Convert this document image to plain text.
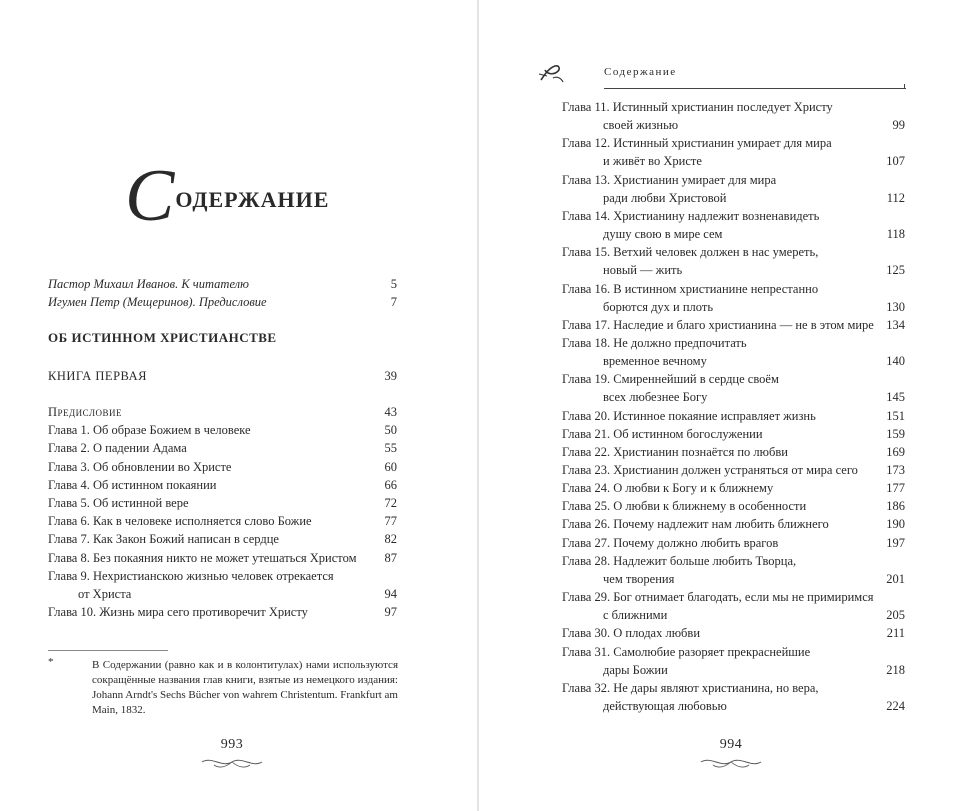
С ОДЕРЖАНИЕ
Пастор Михаил Иванов. К читателю	5
Игумен Петр (Мещеринов). Предисловие	7
ОБ ИСТИННОМ ХРИСТИАНСТВЕ
КНИГА ПЕРВАЯ	39
Предисловие	43
Глава 1. Об образе Божием в человеке	50
Глава 2. О падении Адама	55
Глава 3. Об обновлении во Христе	60
Глава 4. Об истинном покаянии	66
Глава 5. Об истинной вере	72
Глава 6. Как в человеке исполняется слово Божие	77
Глава 7. Как Закон Божий написан в сердце	82
Глава 8. Без покаяния никто не может утешаться Христом	87
Глава 9. Нехристианскою жизнью человек отрекается
от Христа	94
Глава 10. Жизнь мира сего противоречит Христу	97
*	В Содержании (равно как и в колонтитулах) нами используются сокращённые названия глав книги, взятые из немецкого издания: Johann Arndt's Sechs Bücher von wahrem Christentum. Frankfurt am Main, 1832.
993
Содержание
Глава 11. Истинный христианин последует Христу
своей жизнью	99
Глава 12. Истинный христианин умирает для мира
и живёт во Христе	107
Глава 13. Христианин умирает для мира
ради любви Христовой	112
Глава 14. Христианину надлежит возненавидеть
душу свою в мире сем	118
Глава 15. Ветхий человек должен в нас умереть,
новый — жить	125
Глава 16. В истинном христианине непрестанно
борются дух и плоть	130
Глава 17. Наследие и благо христианина — не в этом мире 134
Глава 18. Не должно предпочитать
временное вечному	140
Глава 19. Смиреннейший в сердце своём
всех любезнее Богу	145
Глава 20. Истинное покаяние исправляет жизнь	151
Глава 21. Об истинном богослужении	159
Глава 22. Христианин познаётся по любви	169
Глава 23. Христианин должен устраняться от мира сего	173
Глава 24. О любви к Богу и к ближнему	177
Глава 25. О любви к ближнему в особенности	186
Глава 26. Почему надлежит нам любить ближнего	190
Глава 27. Почему должно любить врагов	197
Глава 28. Надлежит больше любить Творца,
чем творения	201
Глава 29. Бог отнимает благодать, если мы не примиримся
с ближними	205
Глава 30. О плодах любви	211
Глава 31. Самолюбие разоряет прекраснейшие
дары Божии	218
Глава 32. Не дары являют христианина, но вера,
действующая любовью	224
994
